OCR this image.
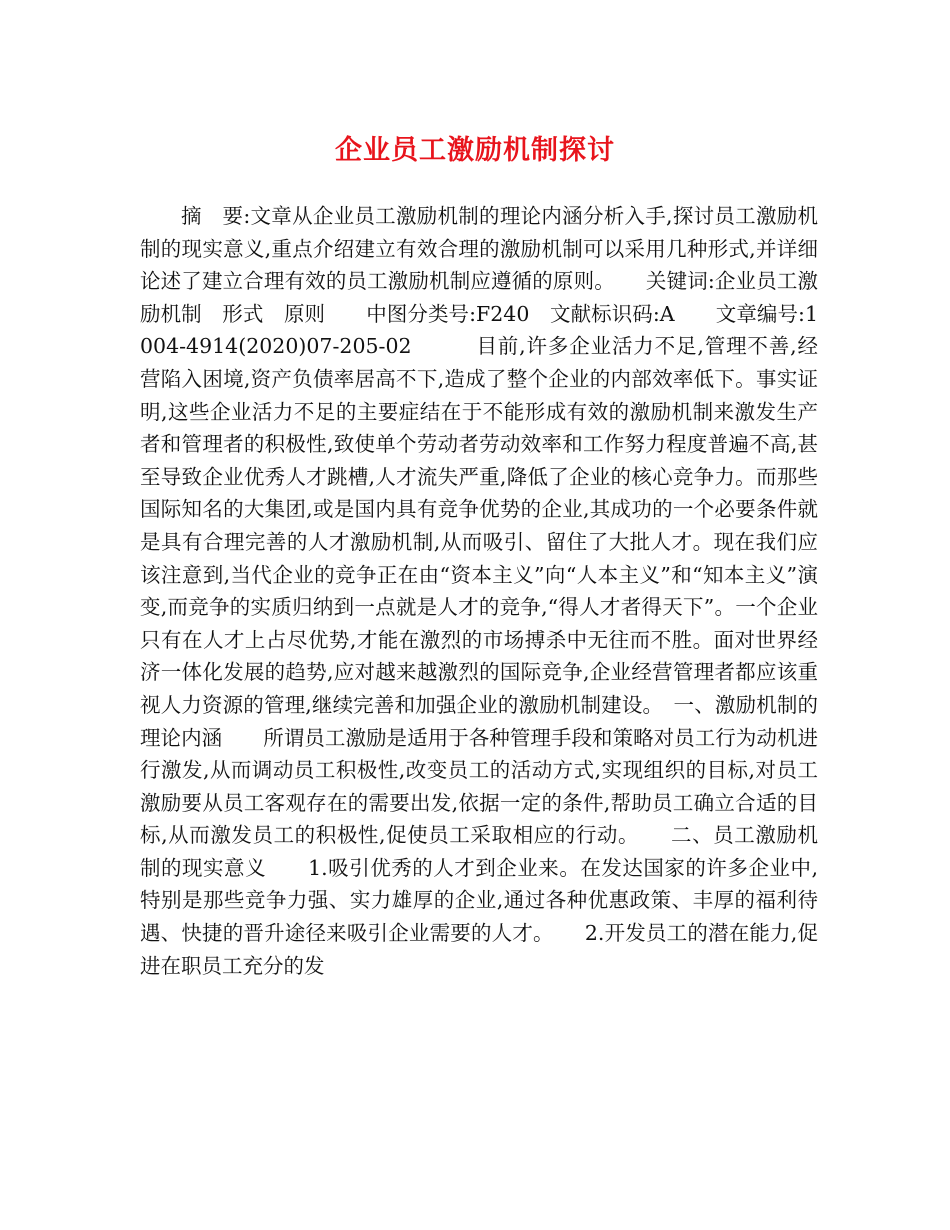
企业员工激励机制探讨

摘　要:文章从企业员工激励机制的理论内涵分析入手,探讨员工激励机制的现实意义,重点介绍建立有效合理的激励机制可以采用几种形式,并详细论述了建立合理有效的员工激励机制应遵循的原则。　　关键词:企业员工激励机制　形式　原则　　中图分类号:F240　文献标识码:A　　文章编号:1004-4914(2020)07-205-02　　　目前,许多企业活力不足,管理不善,经营陷入困境,资产负债率居高不下,造成了整个企业的内部效率低下。事实证明,这些企业活力不足的主要症结在于不能形成有效的激励机制来激发生产者和管理者的积极性,致使单个劳动者劳动效率和工作努力程度普遍不高,甚至导致企业优秀人才跳槽,人才流失严重,降低了企业的核心竞争力。而那些国际知名的大集团,或是国内具有竞争优势的企业,其成功的一个必要条件就是具有合理完善的人才激励机制,从而吸引、留住了大批人才。现在我们应该注意到,当代企业的竞争正在由“资本主义”向“人本主义”和“知本主义”演变,而竞争的实质归纳到一点就是人才的竞争,“得人才者得天下”。一个企业只有在人才上占尽优势,才能在激烈的市场搏杀中无往而不胜。面对世界经济一体化发展的趋势,应对越来越激烈的国际竞争,企业经营管理者都应该重视人力资源的管理,继续完善和加强企业的激励机制建设。　一、激励机制的理论内涵　　所谓员工激励是适用于各种管理手段和策略对员工行为动机进行激发,从而调动员工积极性,改变员工的活动方式,实现组织的目标,对员工激励要从员工客观存在的需要出发,依据一定的条件,帮助员工确立合适的目标,从而激发员工的积极性,促使员工采取相应的行动。　　二、员工激励机制的现实意义　　1.吸引优秀的人才到企业来。在发达国家的许多企业中,特别是那些竞争力强、实力雄厚的企业,通过各种优惠政策、丰厚的福利待遇、快捷的晋升途径来吸引企业需要的人才。　　2.开发员工的潜在能力,促进在职员工充分的发
